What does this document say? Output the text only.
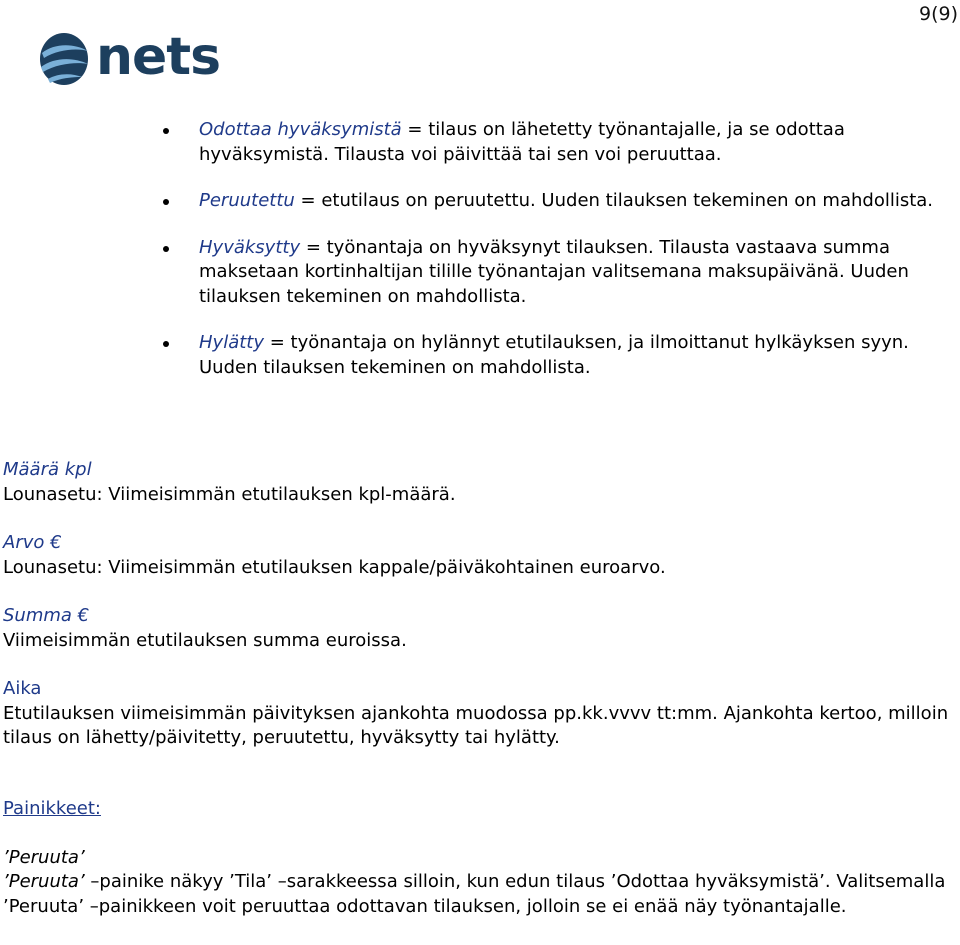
9(9)
nets
Odottaa hyväksymistä = tilaus on lähetetty työnantajalle, ja se odottaa hyväksymistä. Tilausta voi päivittää tai sen voi peruuttaa.
Peruutettu = etutilaus on peruutettu. Uuden tilauksen tekeminen on mahdollista.
Hyväksytty = työnantaja on hyväksynyt tilauksen. Tilausta vastaava summa maksetaan kortinhaltijan tilille työnantajan valitsemana maksupäivänä. Uuden tilauksen tekeminen on mahdollista.
Hylätty = työnantaja on hylännyt etutilauksen, ja ilmoittanut hylkäyksen syyn. Uuden tilauksen tekeminen on mahdollista.
Määrä kpl
Lounasetu: Viimeisimmän etutilauksen kpl-määrä.
Arvo €
Lounasetu: Viimeisimmän etutilauksen kappale/päiväkohtainen euroarvo.
Summa €
Viimeisimmän etutilauksen summa euroissa.
Aika
Etutilauksen viimeisimmän päivityksen ajankohta muodossa pp.kk.vvvv tt:mm. Ajankohta kertoo, milloin tilaus on lähetty/päivitetty, peruutettu, hyväksytty tai hylätty.
Painikkeet:
’Peruuta’

’Peruuta’ –painike näkyy ’Tila’ –sarakkeessa silloin, kun edun tilaus ’Odottaa hyväksymistä’. Valitsemalla ’Peruuta’ –painikkeen voit peruuttaa odottavan tilauksen, jolloin se ei enää näy työnantajalle.
